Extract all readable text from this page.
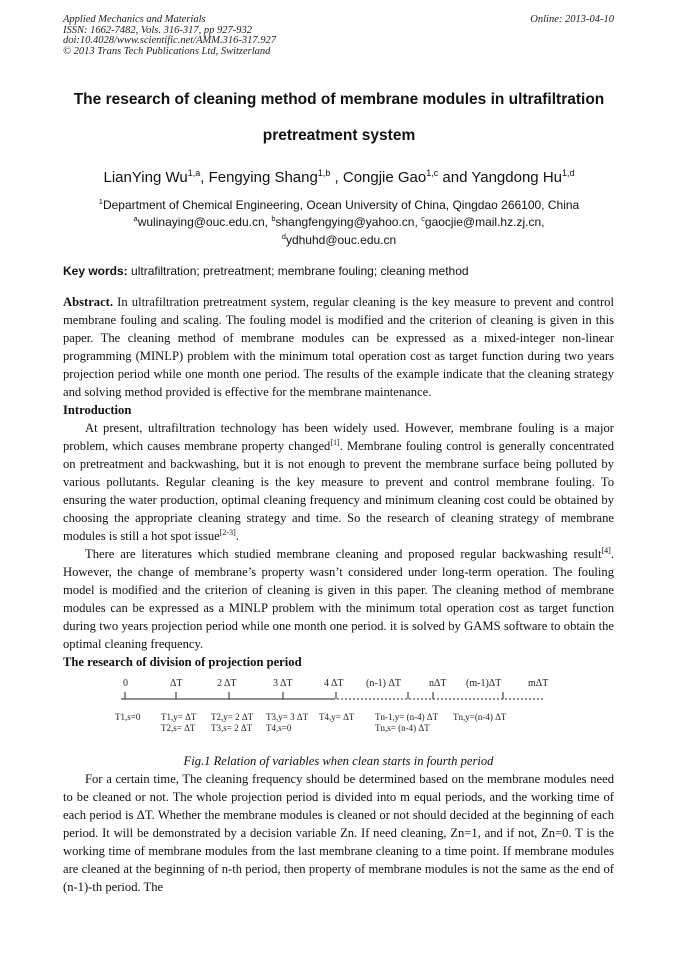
Applied Mechanics and Materials
ISSN: 1662-7482, Vols. 316-317, pp 927-932
doi:10.4028/www.scientific.net/AMM.316-317.927
© 2013 Trans Tech Publications Ltd, Switzerland
Online: 2013-04-10
The research of cleaning method of membrane modules in ultrafiltration
pretreatment system
LianYing Wu$^{1,a}$, Fengying Shang$^{1,b}$ , Congjie Gao$^{1,c}$ and Yangdong Hu$^{1,d}$
$^1$Department of Chemical Engineering, Ocean University of China, Qingdao 266100, China
$^a$wulinaying@ouc.edu.cn, $^b$shangfengying@yahoo.cn, $^c$gaocjie@mail.hz.zj.cn,
$^d$ydhuhd@ouc.edu.cn
Key words: ultrafiltration; pretreatment; membrane fouling; cleaning method

Abstract. In ultrafiltration pretreatment system, regular cleaning is the key measure to prevent and control membrane fouling and scaling. The fouling model is modified and the criterion of cleaning is given in this paper. The cleaning method of membrane modules can be expressed as a mixed-integer non-linear programming (MINLP) problem with the minimum total operation cost as target function during two years projection period while one month one period. The results of the example indicate that the cleaning strategy and solving method provided is effective for the membrane maintenance.

Introduction

At present, ultrafiltration technology has been widely used. However, membrane fouling is a major problem, which causes membrane property changed[1]. Membrane fouling control is generally concentrated on pretreatment and backwashing, but it is not enough to prevent the membrane surface being polluted by various pollutants. Regular cleaning is the key measure to prevent and control membrane fouling. To ensuring the water production, optimal cleaning frequency and minimum cleaning cost could be obtained by choosing the appropriate cleaning strategy and time. So the research of cleaning strategy of membrane modules is still a hot spot issue[2-3].

There are literatures which studied membrane cleaning and proposed regular backwashing result[4]. However, the change of membrane’s property wasn’t considered under long-term operation. The fouling model is modified and the criterion of cleaning is given in this paper. The cleaning method of membrane modules can be expressed as a MINLP problem with the minimum total operation cost as target function during two years projection period while one month one period. it is solved by GAMS software to obtain the optimal cleaning frequency.

The research of division of projection period
0	ΔT	2 ΔT	3 ΔT	4 ΔT (n-1) ΔT	nΔT (m-1)ΔT	mΔT
T1,s=0 T1,y= ΔT T2,y= 2 ΔT T3,y= 3 ΔT T4,y= ΔT Tn-1,y= (n-4) ΔT Tn,y=(n-4) ΔT
T2,s= ΔT T3,s= 2 ΔT T4,s=0	Tn,s= (n-4) ΔT
Fig.1 Relation of variables when clean starts in fourth period

For a certain time, The cleaning frequency should be determined based on the membrane modules need to be cleaned or not. The whole projection period is divided into m equal periods, and the working time of each period is ΔT. Whether the membrane modules is cleaned or not should decided at the beginning of each period. It will be demonstrated by a decision variable Zn. If need cleaning, Zn=1, and if not, Zn=0. T is the working time of membrane modules from the last membrane cleaning to a time point. If membrane modules are cleaned at the beginning of n-th period, then property of membrane modules is not the same as the end of (n-1)-th period. The
